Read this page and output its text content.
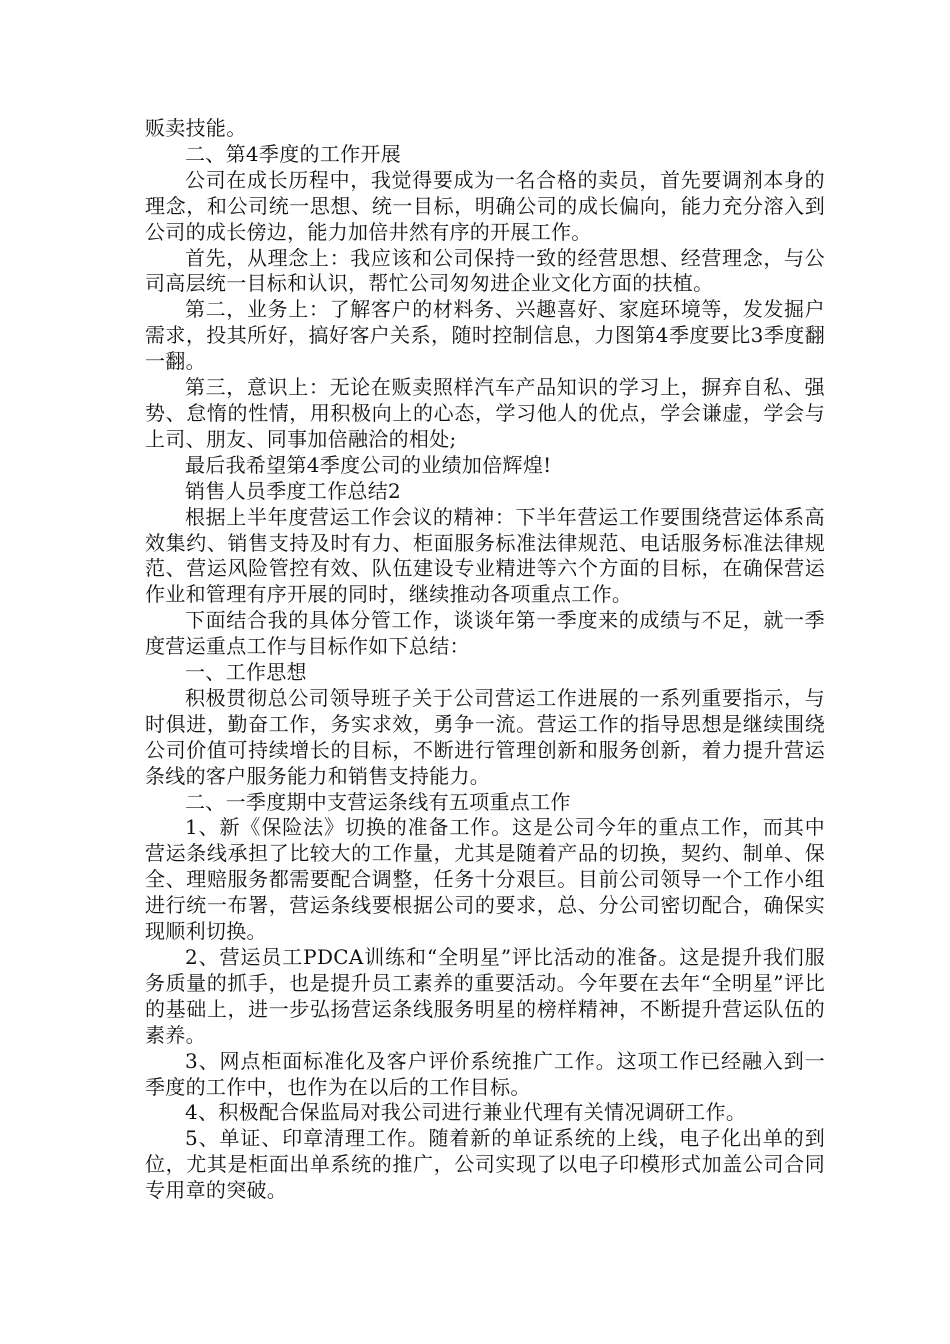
贩卖技能。

二、第4季度的工作开展

公司在成长历程中，我觉得要成为一名合格的卖员，首先要调剂本身的理念，和公司统一思想、统一目标，明确公司的成长偏向，能力充分溶入到公司的成长傍边，能力加倍井然有序的开展工作。

首先，从理念上：我应该和公司保持一致的经营思想、经营理念，与公司高层统一目标和认识，帮忙公司匆匆进企业文化方面的扶植。

第二，业务上：了解客户的材料务、兴趣喜好、家庭环境等，发发掘户需求，投其所好，搞好客户关系，随时控制信息，力图第4季度要比3季度翻一翻。

第三，意识上：无论在贩卖照样汽车产品知识的学习上，摒弃自私、强势、怠惰的性情，用积极向上的心态，学习他人的优点，学会谦虚，学会与上司、朋友、同事加倍融洽的相处;

最后我希望第4季度公司的业绩加倍辉煌!

销售人员季度工作总结2

根据上半年度营运工作会议的精神：下半年营运工作要围绕营运体系高效集约、销售支持及时有力、柜面服务标准法律规范、电话服务标准法律规范、营运风险管控有效、队伍建设专业精进等六个方面的目标，在确保营运作业和管理有序开展的同时，继续推动各项重点工作。

下面结合我的具体分管工作，谈谈年第一季度来的成绩与不足，就一季度营运重点工作与目标作如下总结：

一、工作思想

积极贯彻总公司领导班子关于公司营运工作进展的一系列重要指示，与时俱进，勤奋工作，务实求效，勇争一流。营运工作的指导思想是继续围绕公司价值可持续增长的目标，不断进行管理创新和服务创新，着力提升营运条线的客户服务能力和销售支持能力。

二、一季度期中支营运条线有五项重点工作

1、新《保险法》切换的准备工作。这是公司今年的重点工作，而其中营运条线承担了比较大的工作量，尤其是随着产品的切换，契约、制单、保全、理赔服务都需要配合调整，任务十分艰巨。目前公司领导一个工作小组进行统一布署，营运条线要根据公司的要求，总、分公司密切配合，确保实现顺利切换。

2、营运员工PDCA训练和“全明星”评比活动的准备。这是提升我们服务质量的抓手，也是提升员工素养的重要活动。今年要在去年“全明星”评比的基础上，进一步弘扬营运条线服务明星的榜样精神，不断提升营运队伍的素养。

3、网点柜面标准化及客户评价系统推广工作。这项工作已经融入到一季度的工作中，也作为在以后的工作目标。

4、积极配合保监局对我公司进行兼业代理有关情况调研工作。

5、单证、印章清理工作。随着新的单证系统的上线，电子化出单的到位，尤其是柜面出单系统的推广，公司实现了以电子印模形式加盖公司合同专用章的突破。
